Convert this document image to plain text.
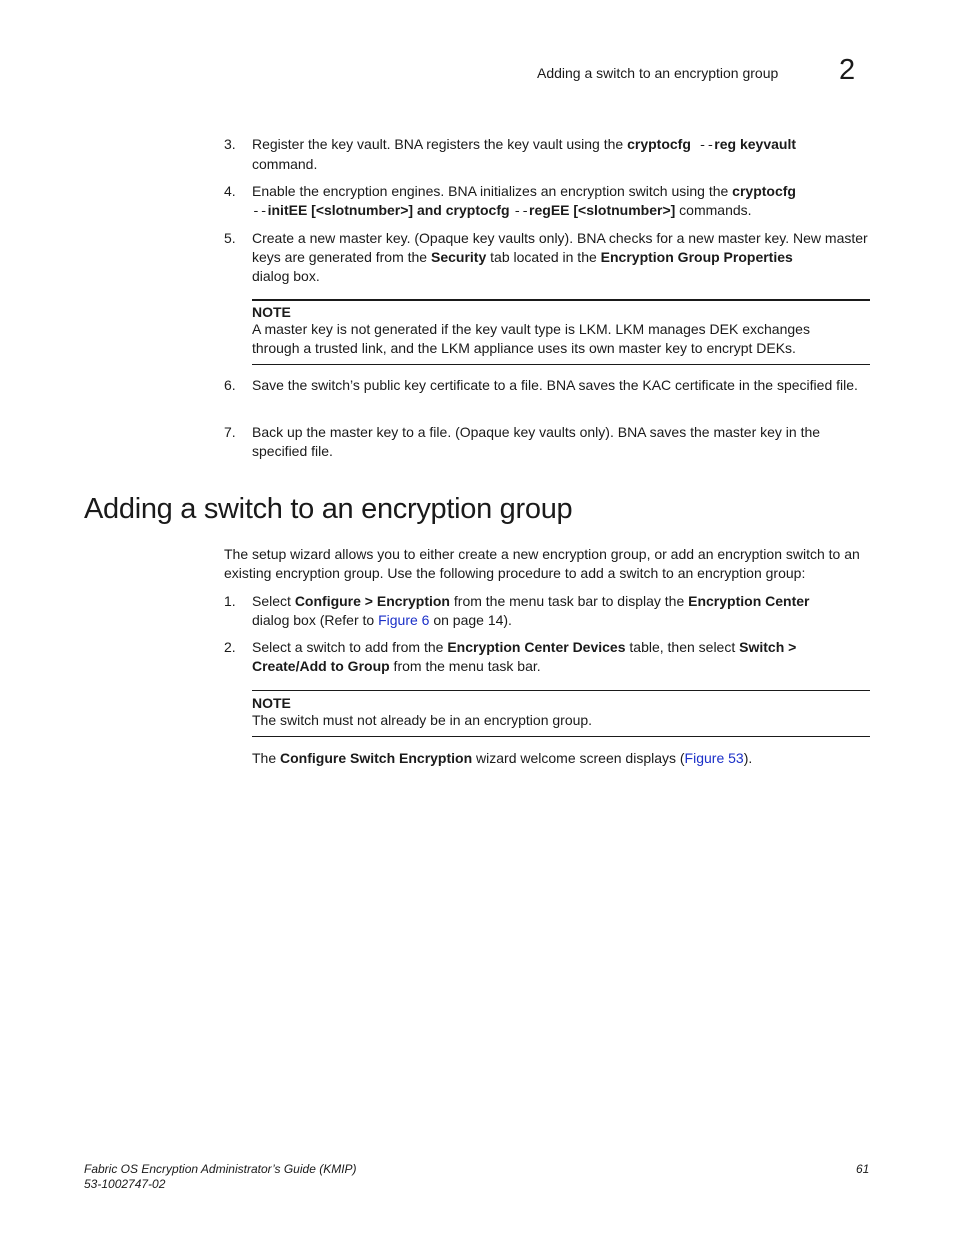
Adding a switch to an encryption group 2
3. Register the key vault. BNA registers the key vault using the cryptocfg --reg keyvault
command.
4. Enable the encryption engines. BNA initializes an encryption switch using the cryptocfg
--initEE [<slotnumber>] and cryptocfg --regEE [<slotnumber>] commands.
5. Create a new master key. (Opaque key vaults only). BNA checks for a new master key. New master keys are generated from the Security tab located in the Encryption Group Properties
dialog box.
NOTE
A master key is not generated if the key vault type is LKM. LKM manages DEK exchanges through a trusted link, and the LKM appliance uses its own master key to encrypt DEKs.
6. Save the switch’s public key certificate to a file. BNA saves the KAC certificate in the specified file.
7. Back up the master key to a file. (Opaque key vaults only). BNA saves the master key in the specified file.
Adding a switch to an encryption group
The setup wizard allows you to either create a new encryption group, or add an encryption switch to an existing encryption group. Use the following procedure to add a switch to an encryption group:
1. Select Configure > Encryption from the menu task bar to display the Encryption Center
dialog box (Refer to Figure 6 on page 14).
2. Select a switch to add from the Encryption Center Devices table, then select Switch >
Create/Add to Group from the menu task bar.
NOTE
The switch must not already be in an encryption group.
The Configure Switch Encryption wizard welcome screen displays (Figure 53).
Fabric OS Encryption Administrator’s Guide (KMIP)
53-1002747-02
61
